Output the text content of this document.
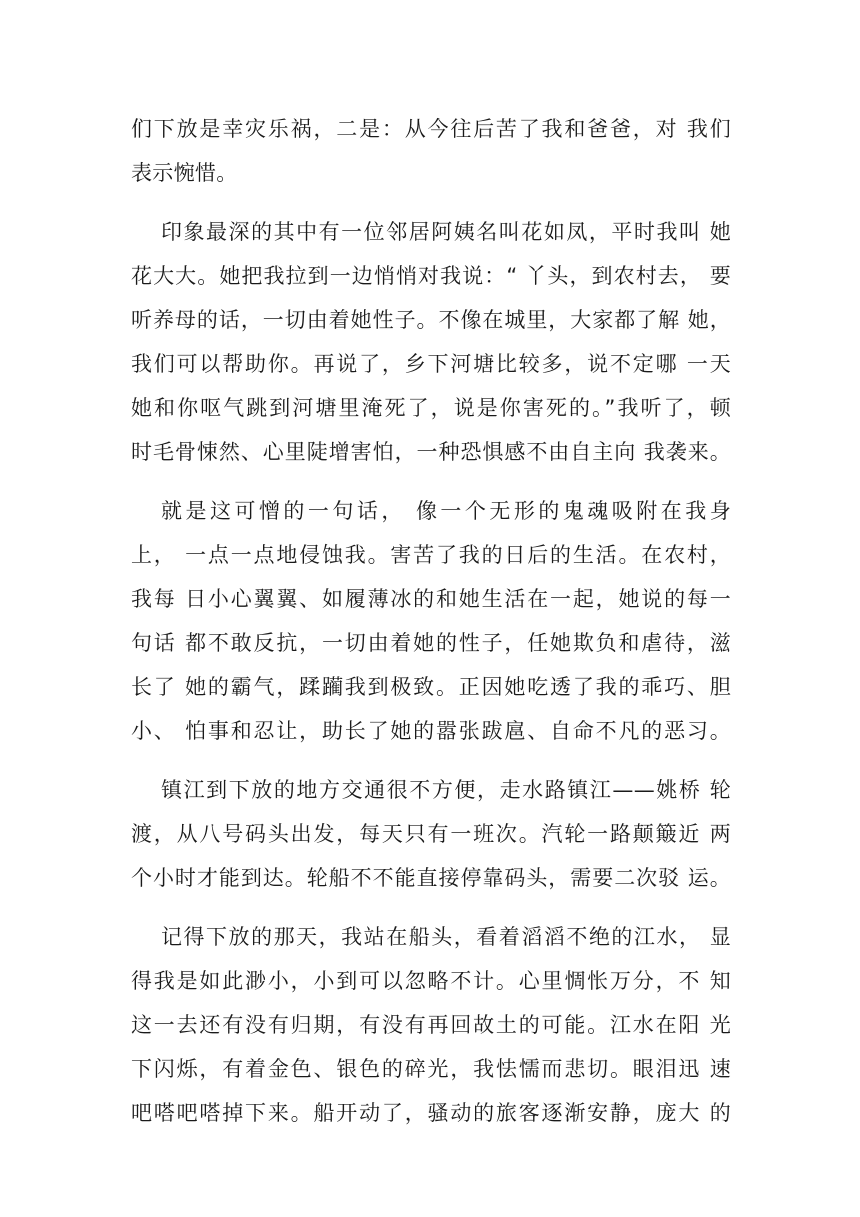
们下放是幸灾乐祸，二是：从今往后苦了我和爸爸，对 我们
表示惋惜。
印象最深的其中有一位邻居阿姨名叫花如凤，平时我叫 她
花大大。她把我拉到一边悄悄对我说：“ 丫头，到农村去， 要
听养母的话，一切由着她性子。不像在城里，大家都了解 她，
我们可以帮助你。再说了，乡下河塘比较多，说不定哪 一天
她和你呕气跳到河塘里淹死了，说是你害死的。”我听了，顿
时毛骨悚然、心里陡增害怕，一种恐惧感不由自主向 我袭来。
就是这可憎的一句话， 像一个无形的鬼魂吸附在我身
上， 一点一点地侵蚀我。害苦了我的日后的生活。在农村，
我每 日小心翼翼、如履薄冰的和她生活在一起，她说的每一
句话 都不敢反抗，一切由着她的性子，任她欺负和虐待，滋
长了 她的霸气，蹂躏我到极致。正因她吃透了我的乖巧、胆
小、 怕事和忍让，助长了她的嚣张跋扈、自命不凡的恶习。
镇江到下放的地方交通很不方便，走水路镇江——姚桥 轮
渡，从八号码头出发，每天只有一班次。汽轮一路颠簸近 两
个小时才能到达。轮船不不能直接停靠码头，需要二次驳 运。
记得下放的那天，我站在船头，看着滔滔不绝的江水， 显
得我是如此渺小，小到可以忽略不计。心里惆怅万分，不 知
这一去还有没有归期，有没有再回故土的可能。江水在阳 光
下闪烁，有着金色、银色的碎光，我怯懦而悲切。眼泪迅 速
吧嗒吧嗒掉下来。船开动了，骚动的旅客逐渐安静，庞大 的
